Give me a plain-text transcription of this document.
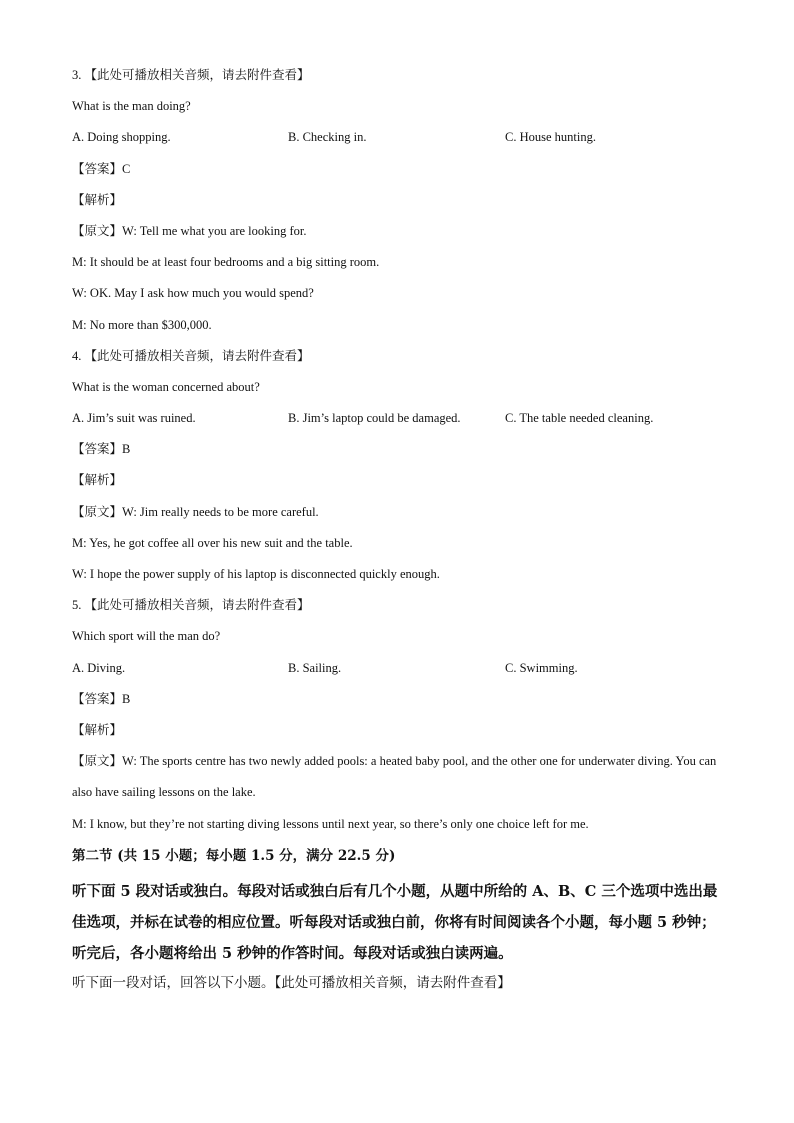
3. 【此处可播放相关音频，请去附件查看】
What is the man doing?
A. Doing shopping.	B. Checking in.	C. House hunting.
【答案】C
【解析】
【原文】W: Tell me what you are looking for.
M: It should be at least four bedrooms and a big sitting room.
W: OK. May I ask how much you would spend?
M: No more than $300,000.
4. 【此处可播放相关音频，请去附件查看】
What is the woman concerned about?
A. Jim’s suit was ruined.	B. Jim’s laptop could be damaged.	C. The table needed cleaning.
【答案】B
【解析】
【原文】W: Jim really needs to be more careful.
M: Yes, he got coffee all over his new suit and the table.
W: I hope the power supply of his laptop is disconnected quickly enough.
5. 【此处可播放相关音频，请去附件查看】
Which sport will the man do?
A. Diving.	B. Sailing.	C. Swimming.
【答案】B
【解析】
【原文】W: The sports centre has two newly added pools: a heated baby pool, and the other one for underwater diving. You can also have sailing lessons on the lake.
M: I know, but they’re not starting diving lessons until next year, so there’s only one choice left for me.
第二节 (共 15 小题；每小题 1.5 分，满分 22.5 分)
听下面 5 段对话或独白。每段对话或独白后有几个小题，从题中所给的 A、B、C 三个选项中选出最佳选项，并标在试卷的相应位置。听每段对话或独白前，你将有时间阅读各个小题，每小题 5 秒钟；听完后，各小题将给出 5 秒钟的作答时间。每段对话或独白读两遍。
听下面一段对话，回答以下小题。【此处可播放相关音频，请去附件查看】
